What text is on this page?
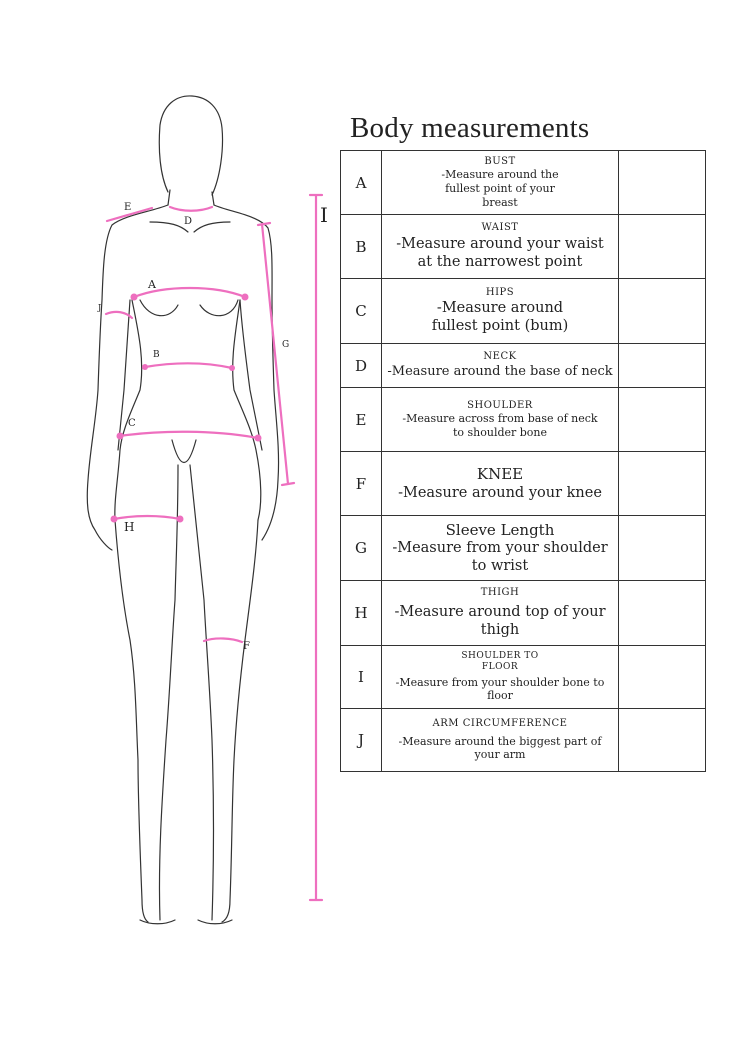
A
B
C
D
E
F
G
H
I
J
Body measurements
A	BUST
-Measure around the fullest point of your breast	

B	WAIST
-Measure around your waist at the narrowest point	

C	HIPS
-Measure around fullest point (bum)	

D	NECK
-Measure around the base of neck	

E	SHOULDER
-Measure across from base of neck to shoulder bone	

F	KNEE
-Measure around your knee	

G	Sleeve Length
-Measure from your shoulder to wrist	

H	THIGH
-Measure around top of your thigh	

I	SHOULDER TO FLOOR
-Measure from your shoulder bone to floor	

J	ARM CIRCUMFERENCE
-Measure around the biggest part of your arm	
